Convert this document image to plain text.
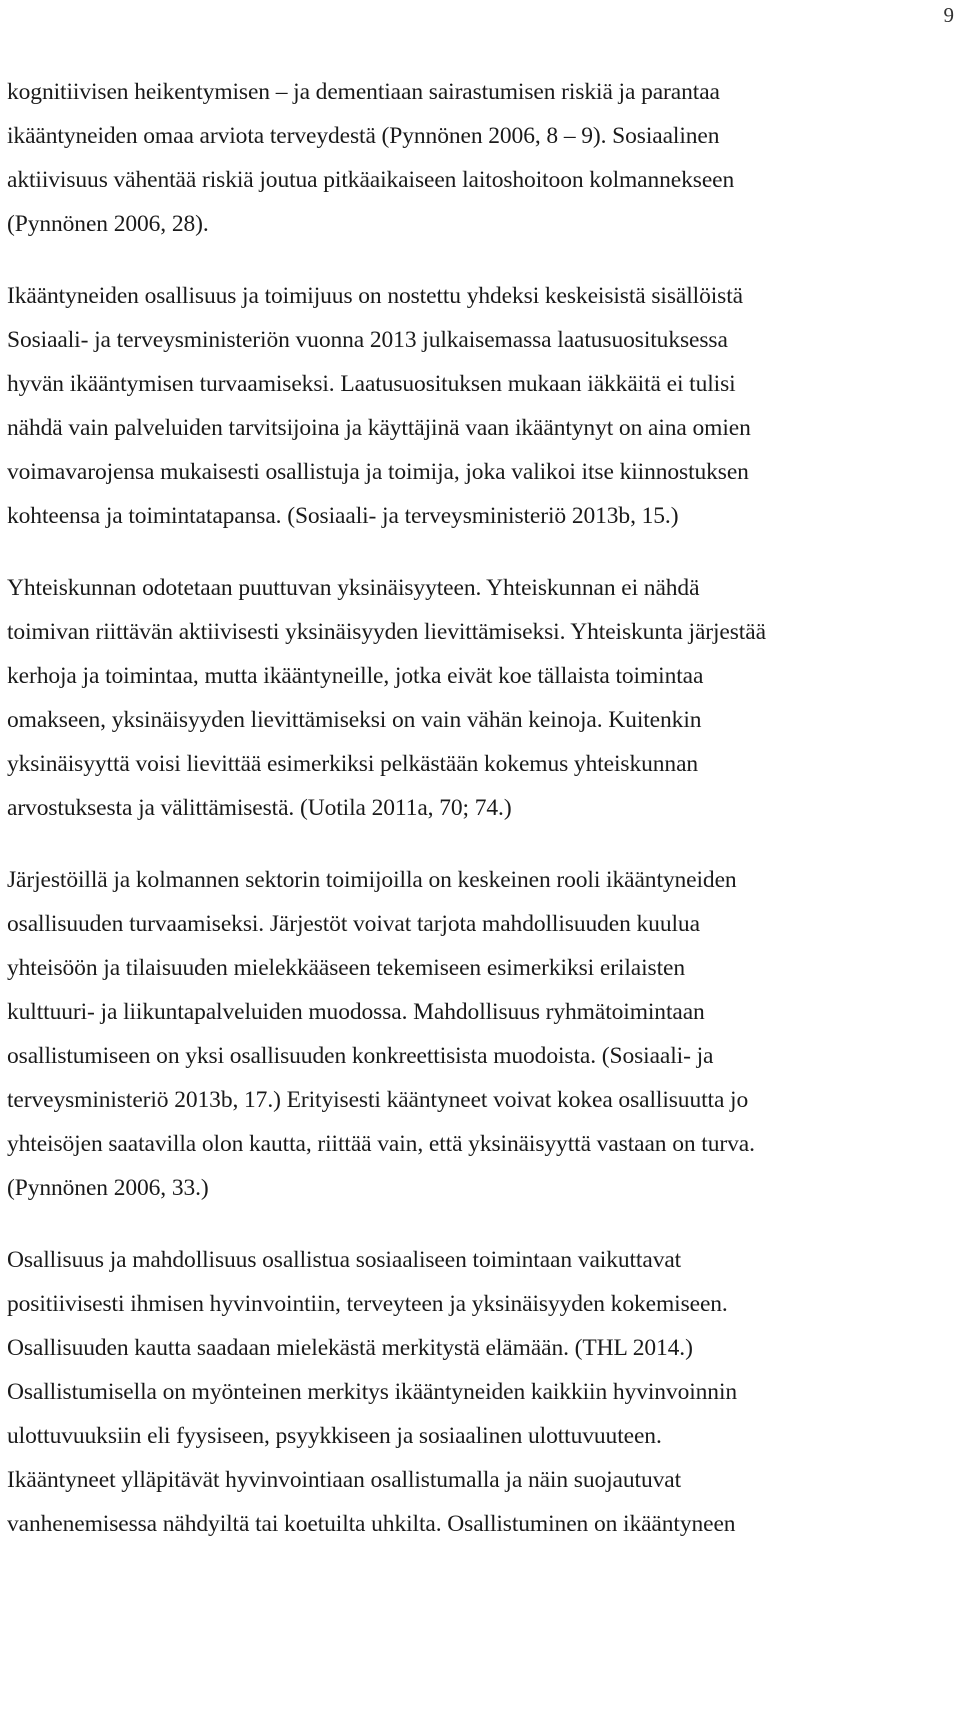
9
kognitiivisen heikentymisen – ja dementiaan sairastumisen riskiä ja parantaa
ikääntyneiden omaa arviota terveydestä (Pynnönen 2006, 8 – 9). Sosiaalinen
aktiivisuus vähentää riskiä joutua pitkäaikaiseen laitoshoitoon kolmannekseen
(Pynnönen 2006, 28).
Ikääntyneiden osallisuus ja toimijuus on nostettu yhdeksi keskeisistä sisällöistä
Sosiaali- ja terveysministeriön vuonna 2013 julkaisemassa laatusuosituksessa
hyvän ikääntymisen turvaamiseksi. Laatusuosituksen mukaan iäkkäitä ei tulisi
nähdä vain palveluiden tarvitsijoina ja käyttäjinä vaan ikääntynyt on aina omien
voimavarojensa mukaisesti osallistuja ja toimija, joka valikoi itse kiinnostuksen
kohteensa ja toimintatapansa. (Sosiaali- ja terveysministeriö 2013b, 15.)
Yhteiskunnan odotetaan puuttuvan yksinäisyyteen. Yhteiskunnan ei nähdä
toimivan riittävän aktiivisesti yksinäisyyden lievittämiseksi. Yhteiskunta järjestää
kerhoja ja toimintaa, mutta ikääntyneille, jotka eivät koe tällaista toimintaa
omakseen, yksinäisyyden lievittämiseksi on vain vähän keinoja. Kuitenkin
yksinäisyyttä voisi lievittää esimerkiksi pelkästään kokemus yhteiskunnan
arvostuksesta ja välittämisestä. (Uotila 2011a, 70; 74.)
Järjestöillä ja kolmannen sektorin toimijoilla on keskeinen rooli ikääntyneiden
osallisuuden turvaamiseksi. Järjestöt voivat tarjota mahdollisuuden kuulua
yhteisöön ja tilaisuuden mielekkääseen tekemiseen esimerkiksi erilaisten
kulttuuri- ja liikuntapalveluiden muodossa. Mahdollisuus ryhmätoimintaan
osallistumiseen on yksi osallisuuden konkreettisista muodoista. (Sosiaali- ja
terveysministeriö 2013b, 17.) Erityisesti kääntyneet voivat kokea osallisuutta jo
yhteisöjen saatavilla olon kautta, riittää vain, että yksinäisyyttä vastaan on turva.
(Pynnönen 2006, 33.)
Osallisuus ja mahdollisuus osallistua sosiaaliseen toimintaan vaikuttavat
positiivisesti ihmisen hyvinvointiin, terveyteen ja yksinäisyyden kokemiseen.
Osallisuuden kautta saadaan mielekästä merkitystä elämään. (THL 2014.)
Osallistumisella on myönteinen merkitys ikääntyneiden kaikkiin hyvinvoinnin
ulottuvuuksiin eli fyysiseen, psyykkiseen ja sosiaalinen ulottuvuuteen.
Ikääntyneet ylläpitävät hyvinvointiaan osallistumalla ja näin suojautuvat
vanhenemisessa nähdyiltä tai koetuilta uhkilta. Osallistuminen on ikääntyneen
